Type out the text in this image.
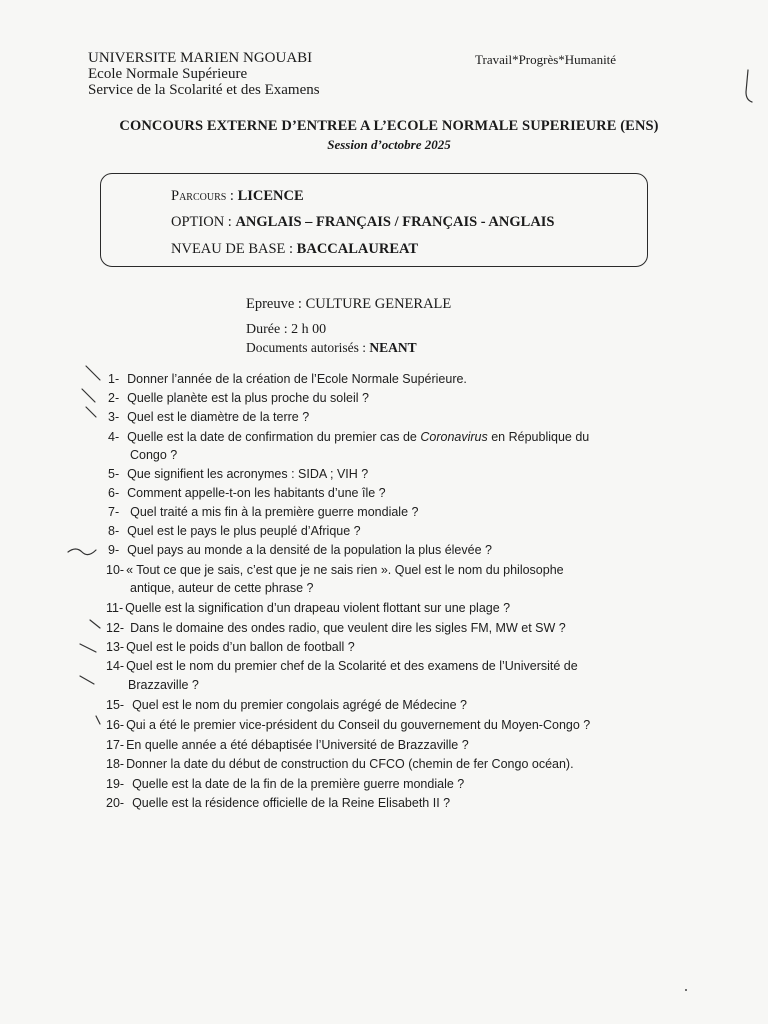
UNIVERSITE MARIEN NGOUABI
Ecole Normale Supérieure
Service de la Scolarité et des Examens
Travail*Progrès*Humanité
CONCOURS EXTERNE D’ENTREE A L’ECOLE NORMALE SUPERIEURE (ENS)
Session d’octobre 2025
Parcours : LICENCE
OPTION : ANGLAIS – FRANÇAIS / FRANÇAIS - ANGLAIS
NVEAU DE BASE : BACCALAUREAT
Epreuve : CULTURE GENERALE
Durée : 2 h 00
Documents autorisés : NEANT
1- Donner l’année de la création de l’Ecole Normale Supérieure.
2- Quelle planète est la plus proche du soleil ?
3- Quel est le diamètre de la terre ?
4- Quelle est la date de confirmation du premier cas de Coronavirus en République du
Congo ?
5- Que signifient les acronymes : SIDA ; VIH ?
6- Comment appelle-t-on les habitants d’une île ?
7- Quel traité a mis fin à la première guerre mondiale ?
8- Quel est le pays le plus peuplé d’Afrique ?
9- Quel pays au monde a la densité de la population la plus élevée ?
10- « Tout ce que je sais, c’est que je ne sais rien ». Quel est le nom du philosophe
antique, auteur de cette phrase ?
11- Quelle est la signification d’un drapeau violent flottant sur une plage ?
12- Dans le domaine des ondes radio, que veulent dire les sigles FM, MW et SW ?
13- Quel est le poids d’un ballon de football ?
14- Quel est le nom du premier chef de la Scolarité et des examens de l’Université de
Brazzaville ?
15- Quel est le nom du premier congolais agrégé de Médecine ?
16- Qui a été le premier vice-président du Conseil du gouvernement du Moyen-Congo ?
17- En quelle année a été débaptisée l’Université de Brazzaville ?
18- Donner la date du début de construction du CFCO (chemin de fer Congo océan).
19- Quelle est la date de la fin de la première guerre mondiale ?
20- Quelle est la résidence officielle de la Reine Elisabeth II ?
